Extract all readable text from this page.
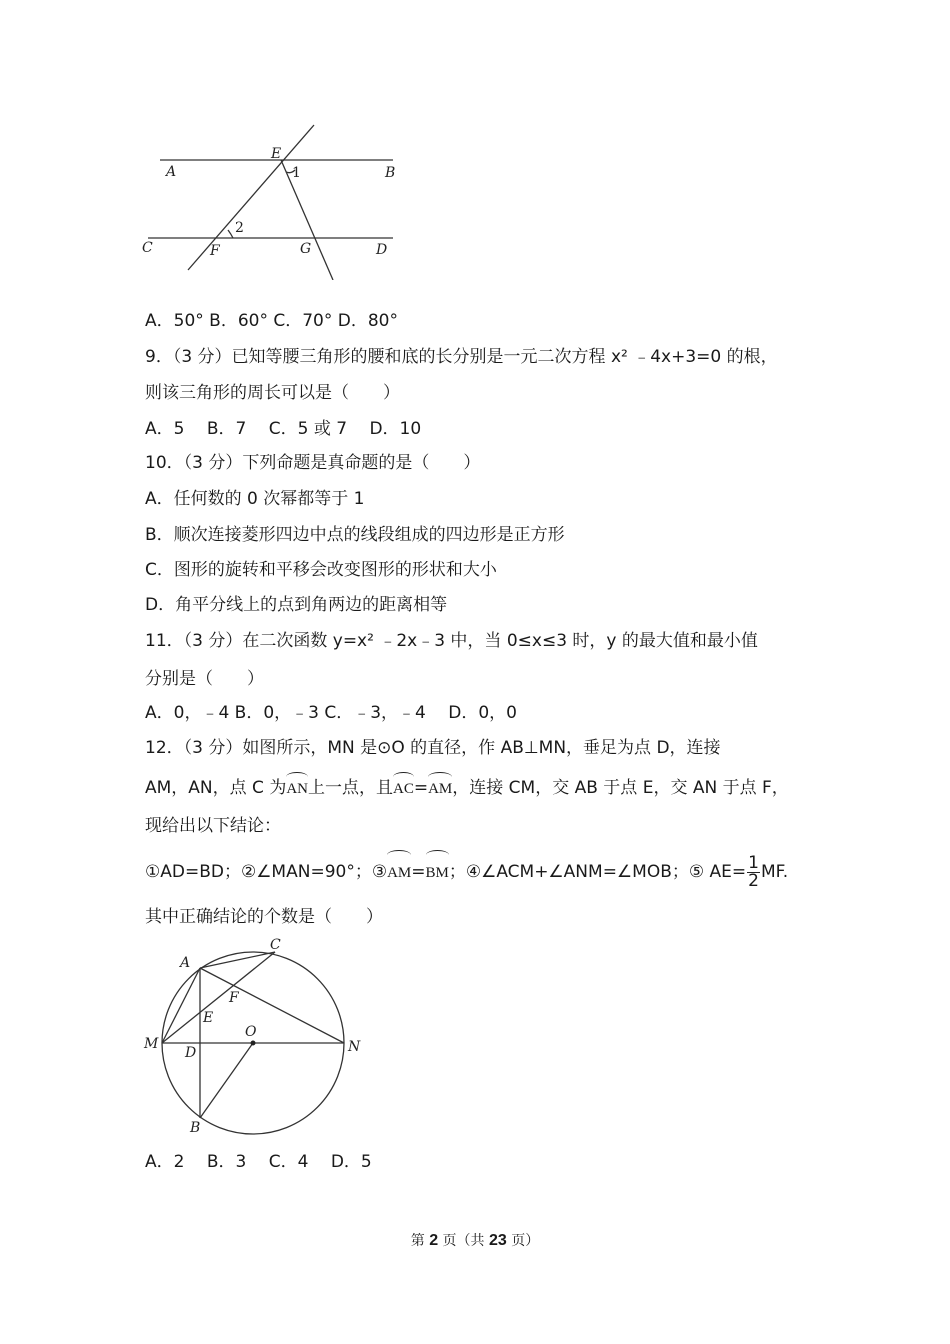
A
E
1	B
2
C	F	G	D
A．50° B．60° C．70° D．80°
9．（3 分）已知等腰三角形的腰和底的长分别是一元二次方程 x² ﹣4x+3=0 的根，
则该三角形的周长可以是（　　）
A．5　 B．7　 C．5 或 7　 D．10
10．（3 分）下列命题是真命题的是（　　）
A．任何数的 0 次幂都等于 1
B．顺次连接菱形四边中点的线段组成的四边形是正方形
C．图形的旋转和平移会改变图形的形状和大小
D．角平分线上的点到角两边的距离相等
11．（3 分）在二次函数 y=x² ﹣2x﹣3 中，当 0≤x≤3 时，y 的最大值和最小值
分别是（　　）
A．0，﹣4 B．0，﹣3 C．﹣3，﹣4　 D．0，0
12．（3 分）如图所示，MN 是⊙O 的直径，作 AB⊥MN，垂足为点 D，连接
AM，AN，点 C 为AN上一点，且AC=AM，连接 CM，交 AB 于点 E，交 AN 于点 F，
现给出以下结论：
①AD=BD；②∠MAN=90°；③AM=BM；④∠ACM+∠ANM=∠MOB；⑤ $AE= \frac{1}{2}$ MF.
其中正确结论的个数是（　　）
A
C
F
E
O
M
D	N
B
A．2　 B．3　 C．4　 D．5
第 2 页（共 23 页）
